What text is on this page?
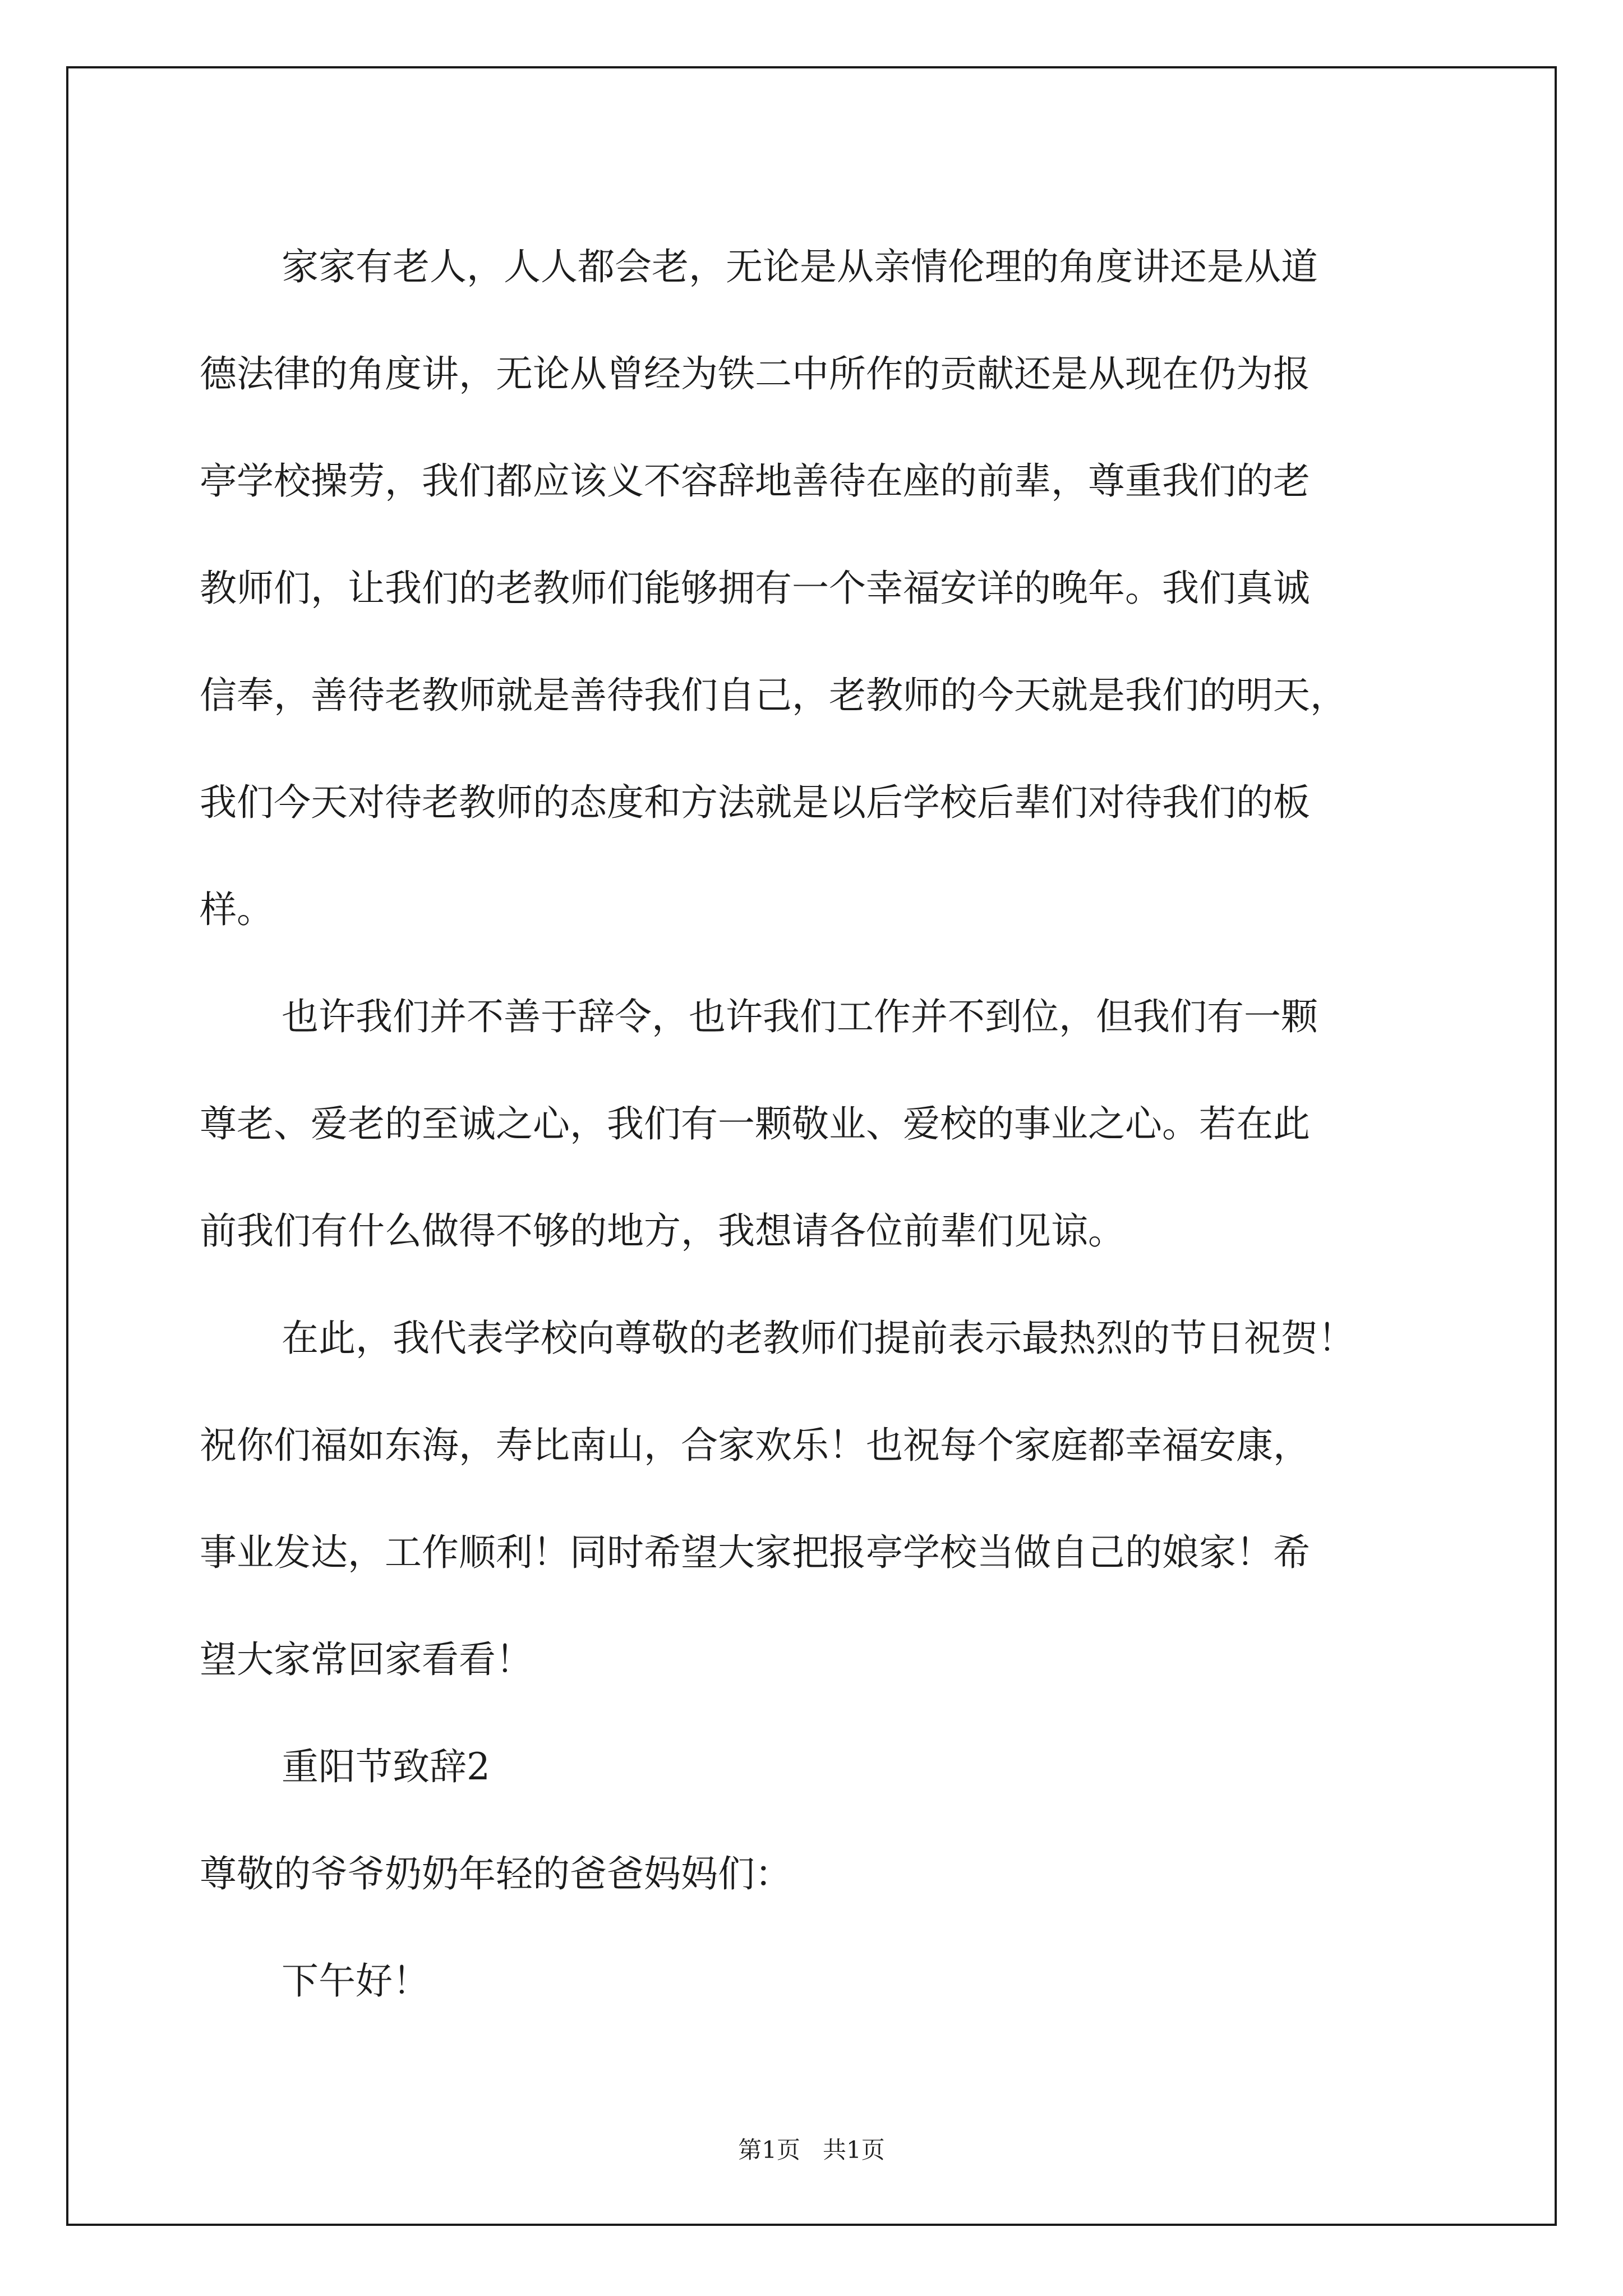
家家有老人，人人都会老，无论是从亲情伦理的角度讲还是从道
德法律的角度讲，无论从曾经为铁二中所作的贡献还是从现在仍为报
亭学校操劳，我们都应该义不容辞地善待在座的前辈，尊重我们的老
教师们，让我们的老教师们能够拥有一个幸福安详的晚年。我们真诚
信奉，善待老教师就是善待我们自己，老教师的今天就是我们的明天，
我们今天对待老教师的态度和方法就是以后学校后辈们对待我们的板
样。
也许我们并不善于辞令，也许我们工作并不到位，但我们有一颗
尊老、爱老的至诚之心，我们有一颗敬业、爱校的事业之心。若在此
前我们有什么做得不够的地方，我想请各位前辈们见谅。
在此，我代表学校向尊敬的老教师们提前表示最热烈的节日祝贺！
祝你们福如东海，寿比南山，合家欢乐！也祝每个家庭都幸福安康，
事业发达，工作顺利！同时希望大家把报亭学校当做自己的娘家！希
望大家常回家看看！
重阳节致辞2
尊敬的爷爷奶奶年轻的爸爸妈妈们：
下午好！
第1页 共1页
